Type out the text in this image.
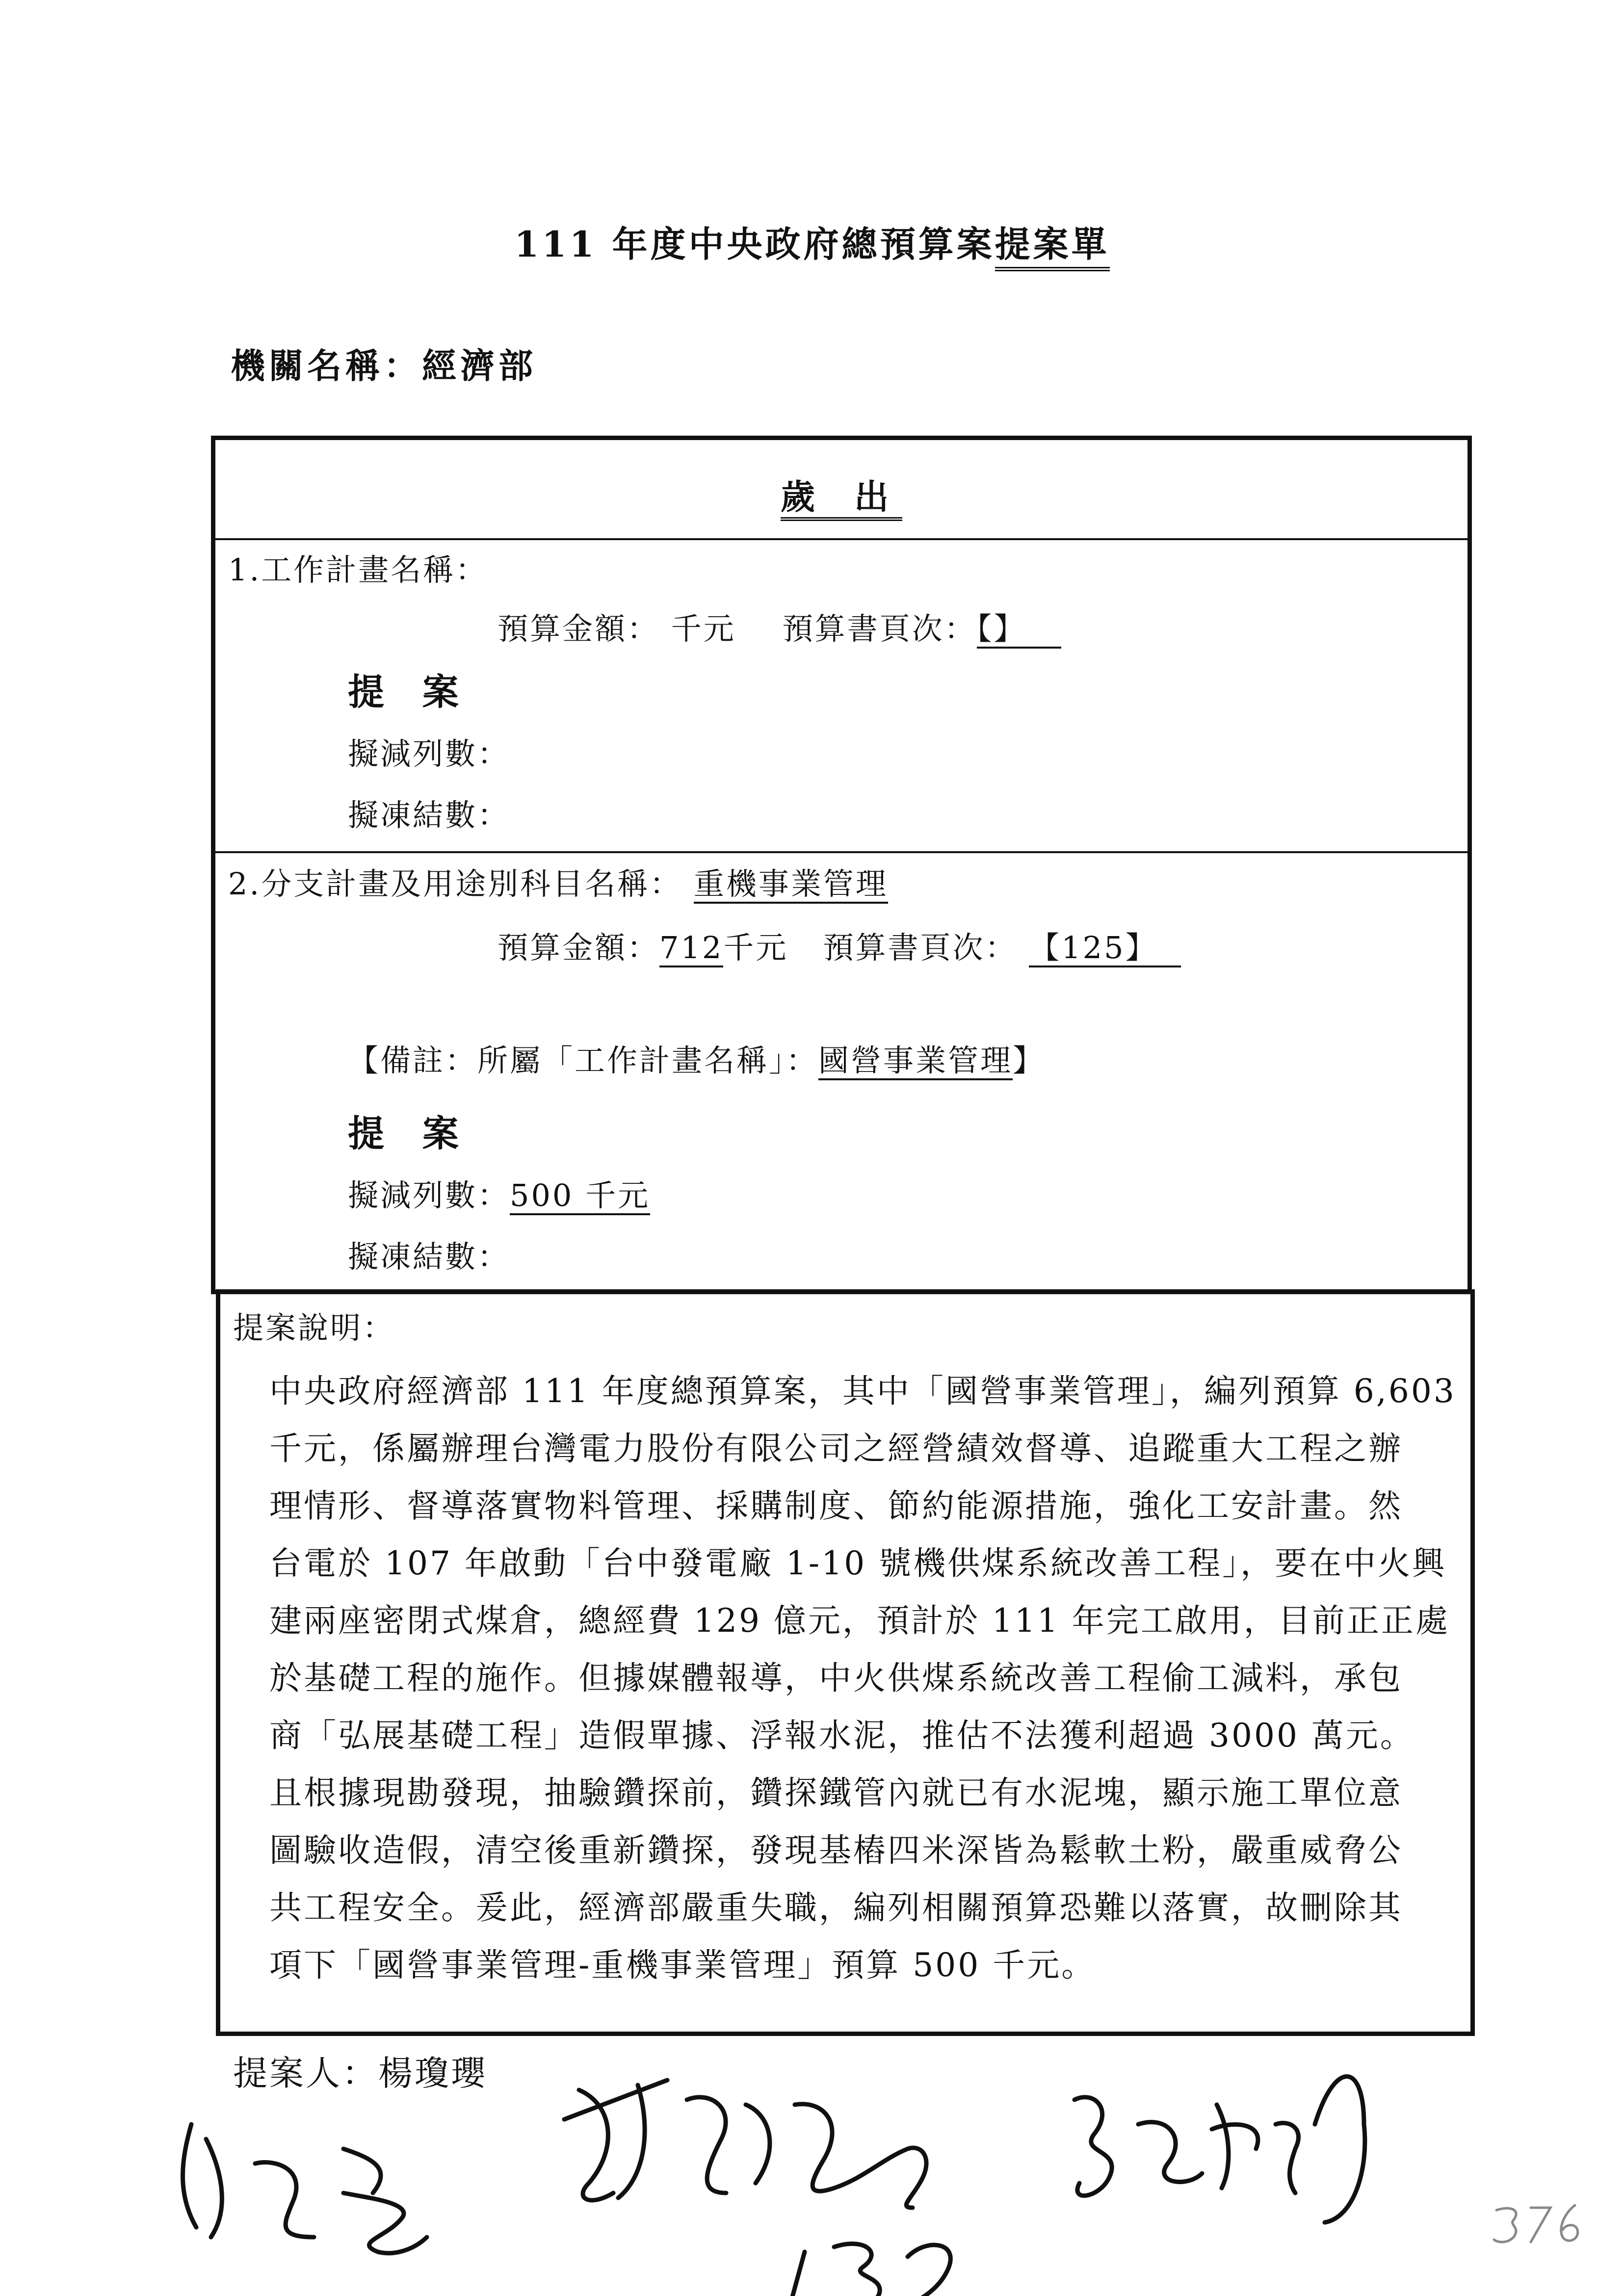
111 年度中央政府總預算案提案單
機關名稱：經濟部
歲 出
1.工作計畫名稱：
預算金額： 千元 預算書頁次：【】
提 案
擬減列數：
擬凍結數：
2.分支計畫及用途別科目名稱： 重機事業管理
預算金額：712千元 預算書頁次： 【125】
【備註：所屬「工作計畫名稱」：國營事業管理】
提 案
擬減列數：500 千元
擬凍結數：
提案說明：

中央政府經濟部 111 年度總預算案，其中「國營事業管理」，編列預算 6,603

千元，係屬辦理台灣電力股份有限公司之經營績效督導、追蹤重大工程之辦

理情形、督導落實物料管理、採購制度、節約能源措施，強化工安計畫。然

台電於 107 年啟動「台中發電廠 1-10 號機供煤系統改善工程」，要在中火興

建兩座密閉式煤倉，總經費 129 億元，預計於 111 年完工啟用，目前正正處

於基礎工程的施作。但據媒體報導，中火供煤系統改善工程偷工減料，承包

商「弘展基礎工程」造假單據、浮報水泥，推估不法獲利超過 3000 萬元。

且根據現勘發現，抽驗鑽探前，鑽探鐵管內就已有水泥塊，顯示施工單位意

圖驗收造假，清空後重新鑽探，發現基樁四米深皆為鬆軟土粉，嚴重威脅公

共工程安全。爰此，經濟部嚴重失職，編列相關預算恐難以落實，故刪除其

項下「國營事業管理-重機事業管理」預算 500 千元。

提案人：楊瓊瓔
